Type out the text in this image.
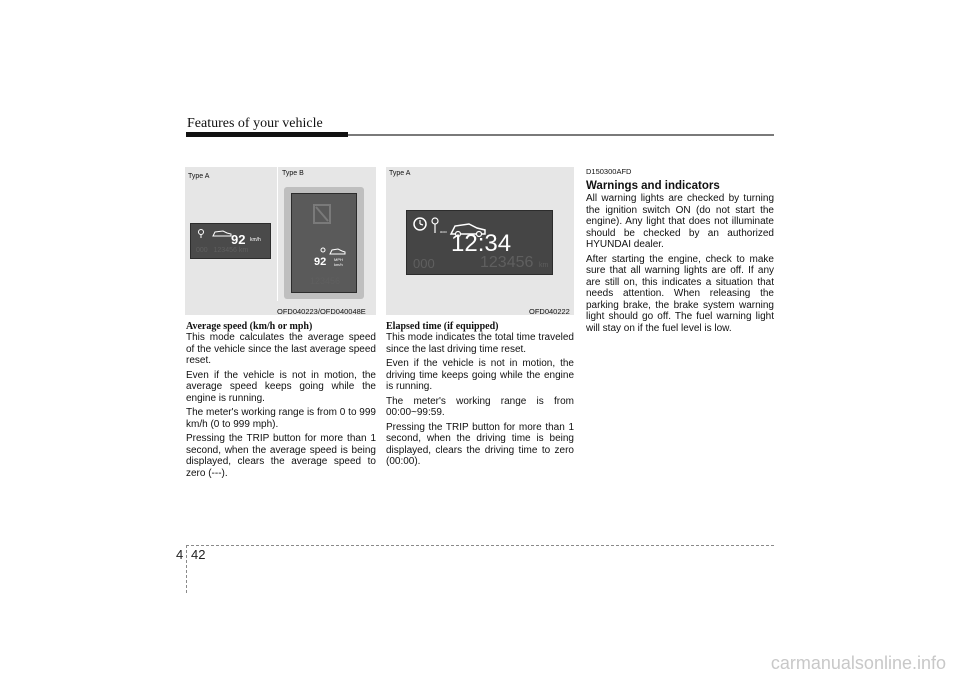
Features of your vehicle
Type A	Type B
92 km/h
000   123456 km
92 MPH
km/h
123456
OFD040223/OFD040048E
Type A
ooo 12:34
000	123456 km
OFD040222
Average speed (km/h or mph)

This mode calculates the average speed of the vehicle since the last average speed reset.

Even if the vehicle is not in motion, the average speed keeps going while the engine is running.

The meter's working range is from 0 to 999 km/h (0 to 999 mph).

Pressing the TRIP button for more than 1 second, when the average speed is being displayed, clears the average speed to zero (---).

Elapsed time (if equipped)

This mode indicates the total time traveled since the last driving time reset.

Even if the vehicle is not in motion, the driving time keeps going while the engine is running.

The meter's working range is from 00:00~99:59.

Pressing the TRIP button for more than 1 second, when the driving time is being displayed, clears the driving time to zero (00:00).

D150300AFD
Warnings and indicators

All warning lights are checked by turning the ignition switch ON (do not start the engine). Any light that does not illuminate should be checked by an authorized HYUNDAI dealer.

After starting the engine, check to make sure that all warning lights are off. If any are still on, this indicates a situation that needs attention. When releasing the parking brake, the brake system warning light should go off. The fuel warning light will stay on if the fuel level is low.

4 42
carmanualsonline.info
